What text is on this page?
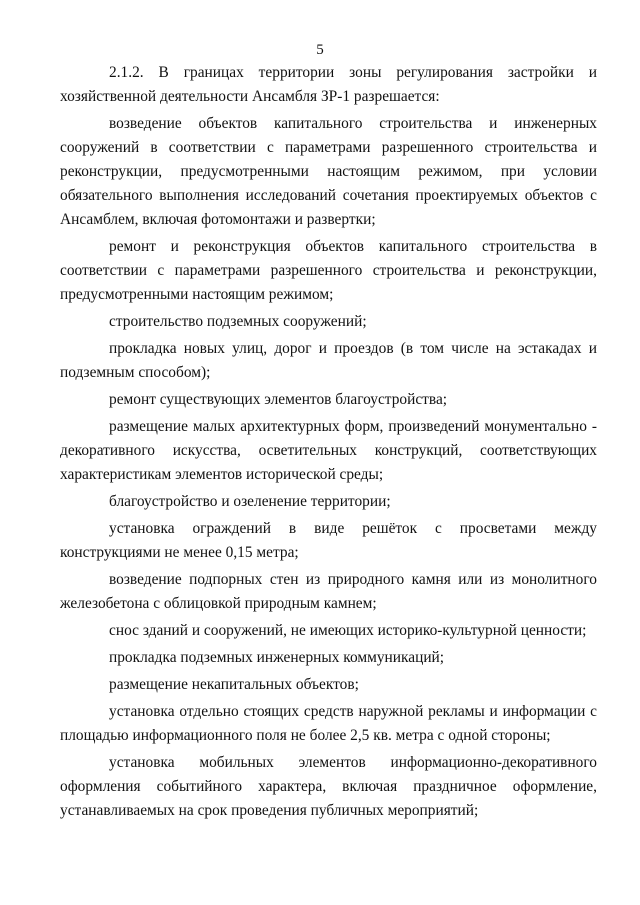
5

2.1.2. В границах территории зоны регулирования застройки и хозяйственной деятельности Ансамбля ЗР-1 разрешается:

возведение объектов капитального строительства и инженерных сооружений в соответствии с параметрами разрешенного строительства и реконструкции, предусмотренными настоящим режимом, при условии обязательного выполнения исследований сочетания проектируемых объектов с Ансамблем, включая фотомонтажи и развертки;

ремонт и реконструкция объектов капитального строительства в соответствии с параметрами разрешенного строительства и реконструкции, предусмотренными настоящим режимом;

строительство подземных сооружений;

прокладка новых улиц, дорог и проездов (в том числе на эстакадах и подземным способом);

ремонт существующих элементов благоустройства;

размещение малых архитектурных форм, произведений монументально - декоративного искусства, осветительных конструкций, соответствующих характеристикам элементов исторической среды;

благоустройство и озеленение территории;

установка ограждений в виде решёток с просветами между конструкциями не менее 0,15 метра;

возведение подпорных стен из природного камня или из монолитного железобетона с облицовкой природным камнем;

снос зданий и сооружений, не имеющих историко-культурной ценности;

прокладка подземных инженерных коммуникаций;

размещение некапитальных объектов;

установка отдельно стоящих средств наружной рекламы и информации с площадью информационного поля не более 2,5 кв. метра с одной стороны;

установка мобильных элементов информационно-декоративного оформления событийного характера, включая праздничное оформление, устанавливаемых на срок проведения публичных мероприятий;
